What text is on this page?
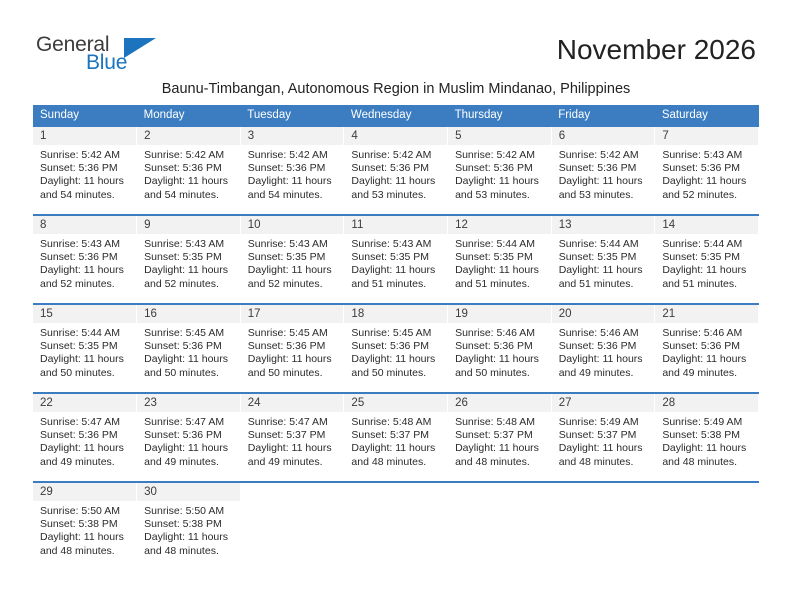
General
Blue	November 2026
Baunu-Timbangan, Autonomous Region in Muslim Mindanao, Philippines
Sunday	Monday	Tuesday	Wednesday	Thursday	Friday	Saturday

1
Sunrise: 5:42 AM
Sunset: 5:36 PM
Daylight: 11 hours
and 54 minutes.	2
Sunrise: 5:42 AM
Sunset: 5:36 PM
Daylight: 11 hours
and 54 minutes.	3
Sunrise: 5:42 AM
Sunset: 5:36 PM
Daylight: 11 hours
and 54 minutes.	4
Sunrise: 5:42 AM
Sunset: 5:36 PM
Daylight: 11 hours
and 53 minutes.	5
Sunrise: 5:42 AM
Sunset: 5:36 PM
Daylight: 11 hours
and 53 minutes.	6
Sunrise: 5:42 AM
Sunset: 5:36 PM
Daylight: 11 hours
and 53 minutes.	7
Sunrise: 5:43 AM
Sunset: 5:36 PM
Daylight: 11 hours
and 52 minutes.

8
Sunrise: 5:43 AM
Sunset: 5:36 PM
Daylight: 11 hours
and 52 minutes.	9
Sunrise: 5:43 AM
Sunset: 5:35 PM
Daylight: 11 hours
and 52 minutes.	10
Sunrise: 5:43 AM
Sunset: 5:35 PM
Daylight: 11 hours
and 52 minutes.	11
Sunrise: 5:43 AM
Sunset: 5:35 PM
Daylight: 11 hours
and 51 minutes.	12
Sunrise: 5:44 AM
Sunset: 5:35 PM
Daylight: 11 hours
and 51 minutes.	13
Sunrise: 5:44 AM
Sunset: 5:35 PM
Daylight: 11 hours
and 51 minutes.	14
Sunrise: 5:44 AM
Sunset: 5:35 PM
Daylight: 11 hours
and 51 minutes.

15
Sunrise: 5:44 AM
Sunset: 5:35 PM
Daylight: 11 hours
and 50 minutes.	16
Sunrise: 5:45 AM
Sunset: 5:36 PM
Daylight: 11 hours
and 50 minutes.	17
Sunrise: 5:45 AM
Sunset: 5:36 PM
Daylight: 11 hours
and 50 minutes.	18
Sunrise: 5:45 AM
Sunset: 5:36 PM
Daylight: 11 hours
and 50 minutes.	19
Sunrise: 5:46 AM
Sunset: 5:36 PM
Daylight: 11 hours
and 50 minutes.	20
Sunrise: 5:46 AM
Sunset: 5:36 PM
Daylight: 11 hours
and 49 minutes.	21
Sunrise: 5:46 AM
Sunset: 5:36 PM
Daylight: 11 hours
and 49 minutes.

22
Sunrise: 5:47 AM
Sunset: 5:36 PM
Daylight: 11 hours
and 49 minutes.	23
Sunrise: 5:47 AM
Sunset: 5:36 PM
Daylight: 11 hours
and 49 minutes.	24
Sunrise: 5:47 AM
Sunset: 5:37 PM
Daylight: 11 hours
and 49 minutes.	25
Sunrise: 5:48 AM
Sunset: 5:37 PM
Daylight: 11 hours
and 48 minutes.	26
Sunrise: 5:48 AM
Sunset: 5:37 PM
Daylight: 11 hours
and 48 minutes.	27
Sunrise: 5:49 AM
Sunset: 5:37 PM
Daylight: 11 hours
and 48 minutes.	28
Sunrise: 5:49 AM
Sunset: 5:38 PM
Daylight: 11 hours
and 48 minutes.

29
Sunrise: 5:50 AM
Sunset: 5:38 PM
Daylight: 11 hours
and 48 minutes.	30
Sunrise: 5:50 AM
Sunset: 5:38 PM
Daylight: 11 hours
and 48 minutes.					
